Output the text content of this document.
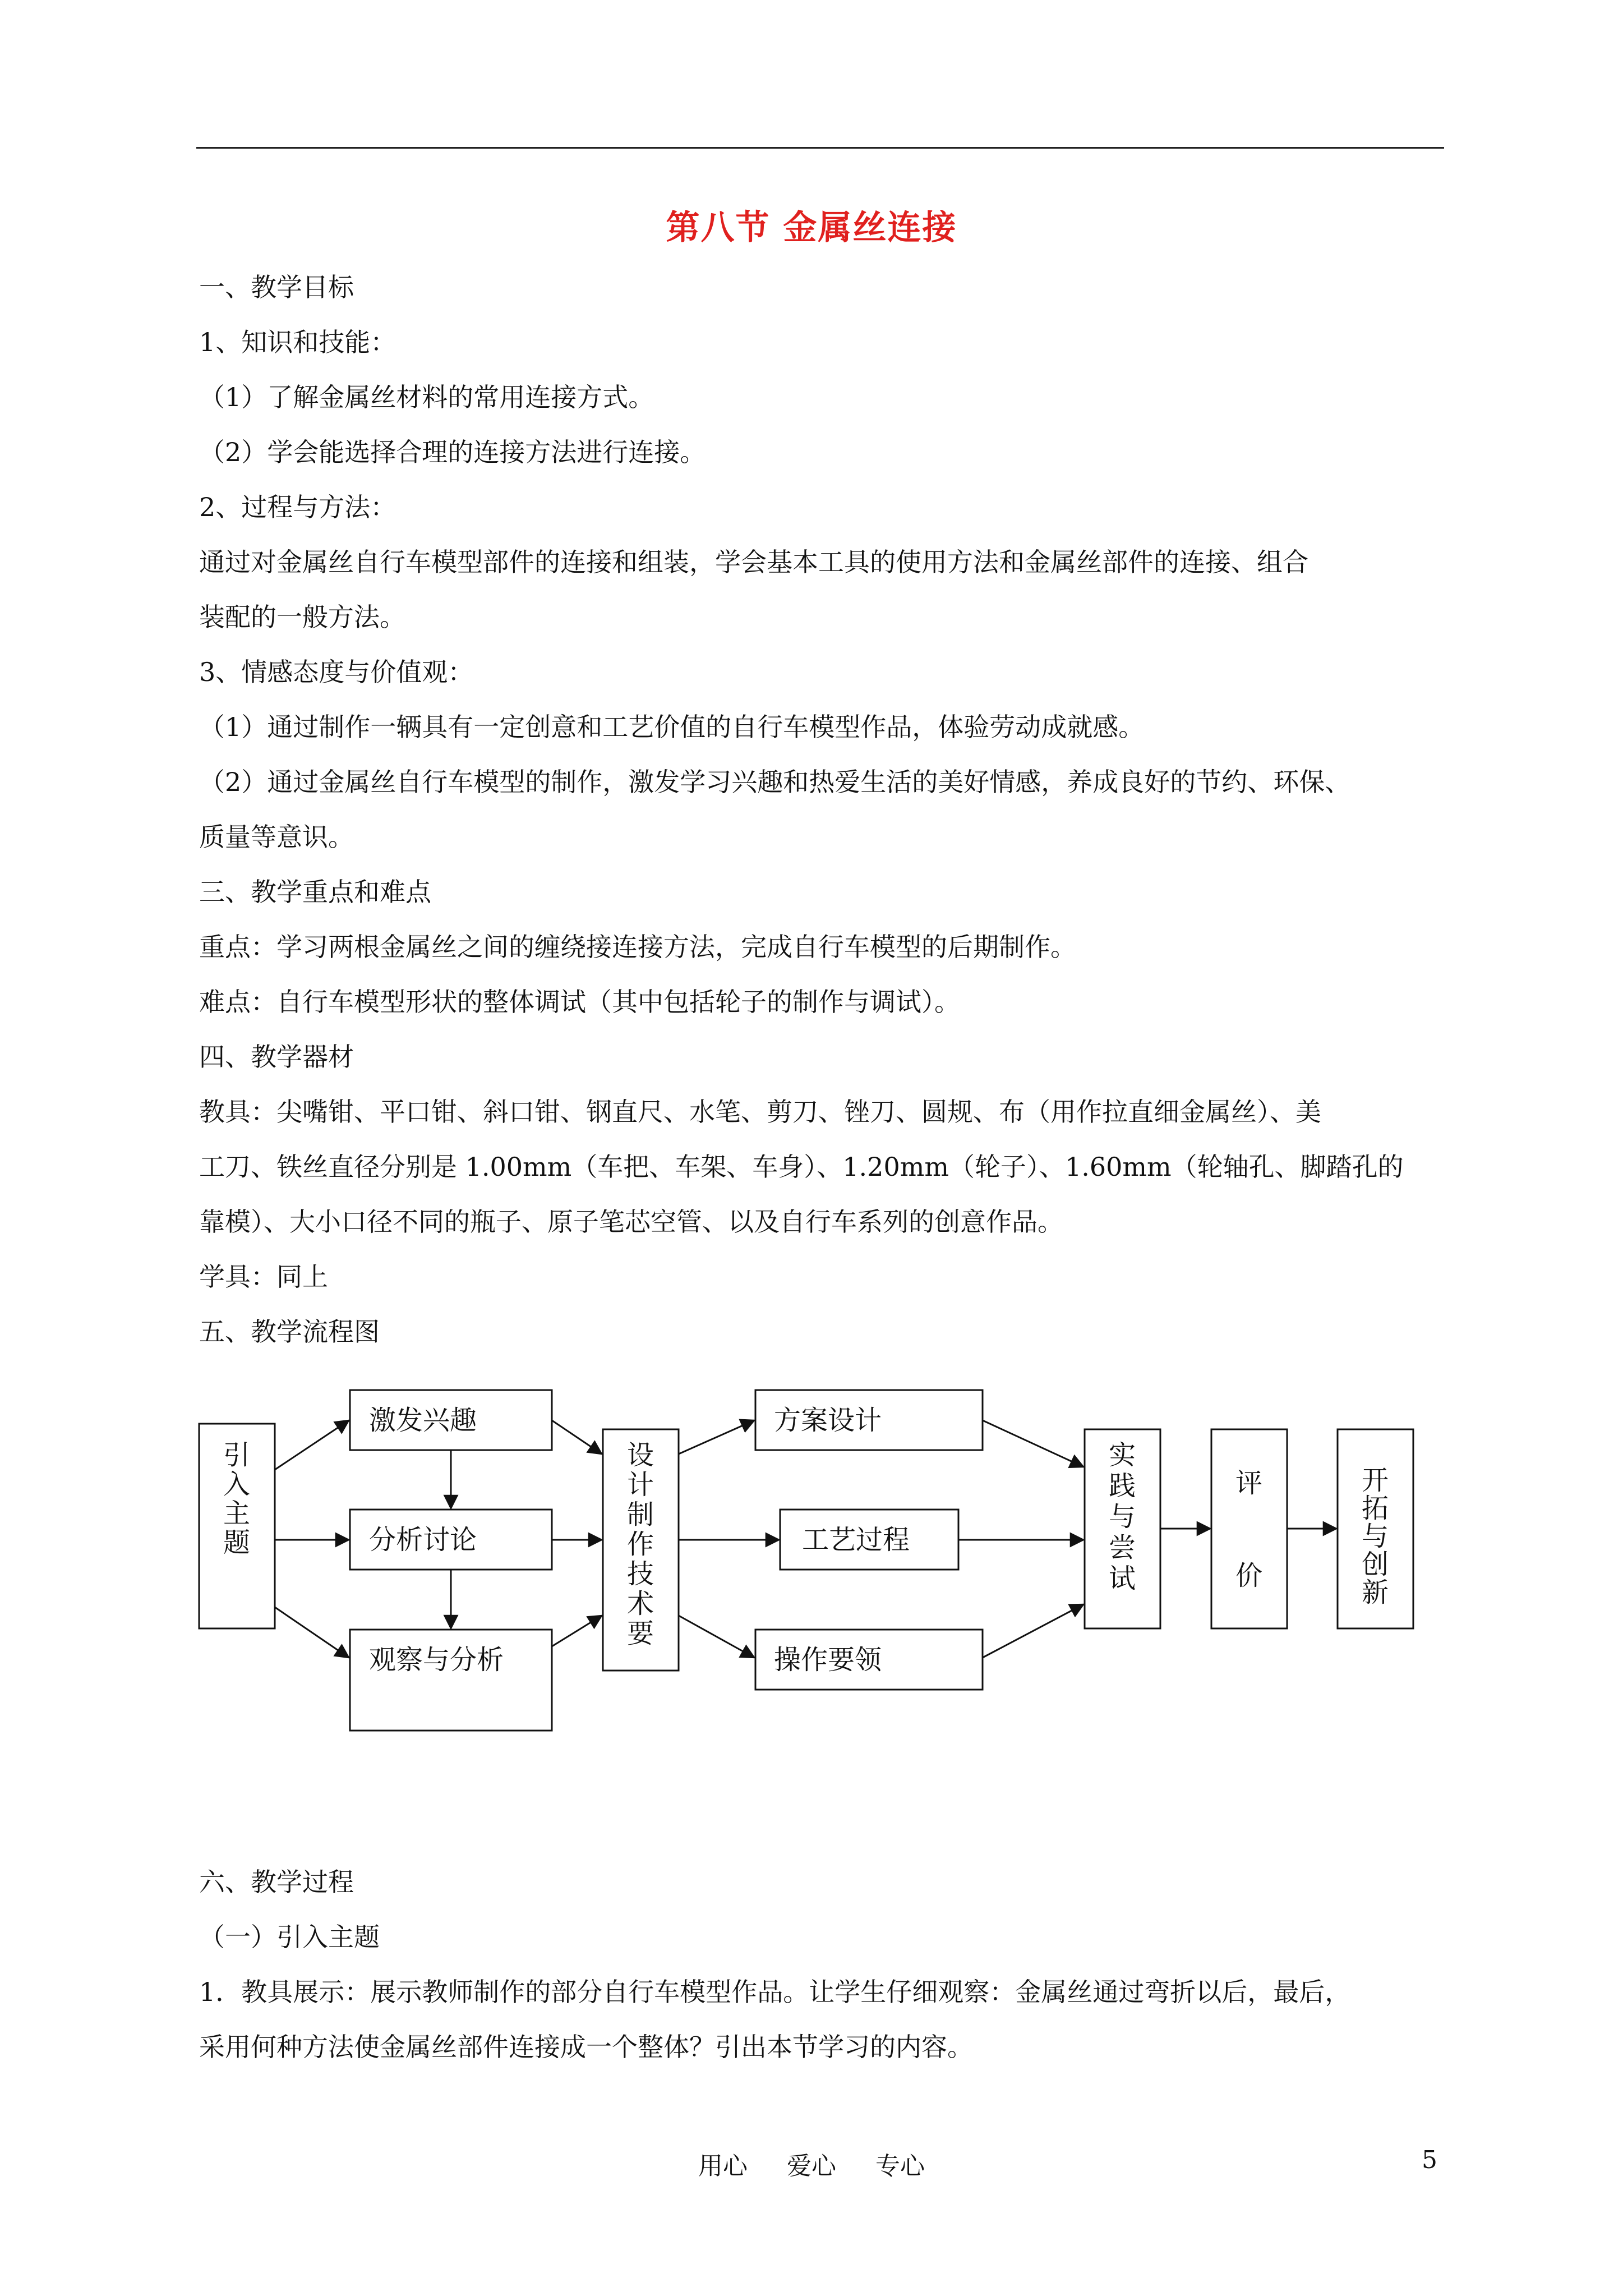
第八节 金属丝连接
一、教学目标
1、知识和技能：
（1）了解金属丝材料的常用连接方式。
（2）学会能选择合理的连接方法进行连接。
2、过程与方法：
通过对金属丝自行车模型部件的连接和组装，学会基本工具的使用方法和金属丝部件的连接、组合
装配的一般方法。
3、情感态度与价值观：
（1）通过制作一辆具有一定创意和工艺价值的自行车模型作品，体验劳动成就感。
（2）通过金属丝自行车模型的制作，激发学习兴趣和热爱生活的美好情感，养成良好的节约、环保、
质量等意识。
三、教学重点和难点
重点：学习两根金属丝之间的缠绕接连接方法，完成自行车模型的后期制作。
难点：自行车模型形状的整体调试（其中包括轮子的制作与调试）。
四、教学器材
教具：尖嘴钳、平口钳、斜口钳、钢直尺、水笔、剪刀、锉刀、圆规、布（用作拉直细金属丝）、美
工刀、铁丝直径分别是 1.00mm（车把、车架、车身）、1.20mm（轮子）、1.60mm（轮轴孔、脚踏孔的
靠模）、大小口径不同的瓶子、原子笔芯空管、以及自行车系列的创意作品。
学具：同上
五、教学流程图
激发兴趣
分析讨论
观察与分析
方案设计
工艺过程
操作要领
引
入
主
题
设
计
制
作
技
术
要
实
践
与
尝
试
开
拓
与
创
新
评
价
六、教学过程
（一）引入主题
1．教具展示：展示教师制作的部分自行车模型作品。让学生仔细观察：金属丝通过弯折以后，最后，
采用何种方法使金属丝部件连接成一个整体？引出本节学习的内容。
用心 爱心 专心	5
